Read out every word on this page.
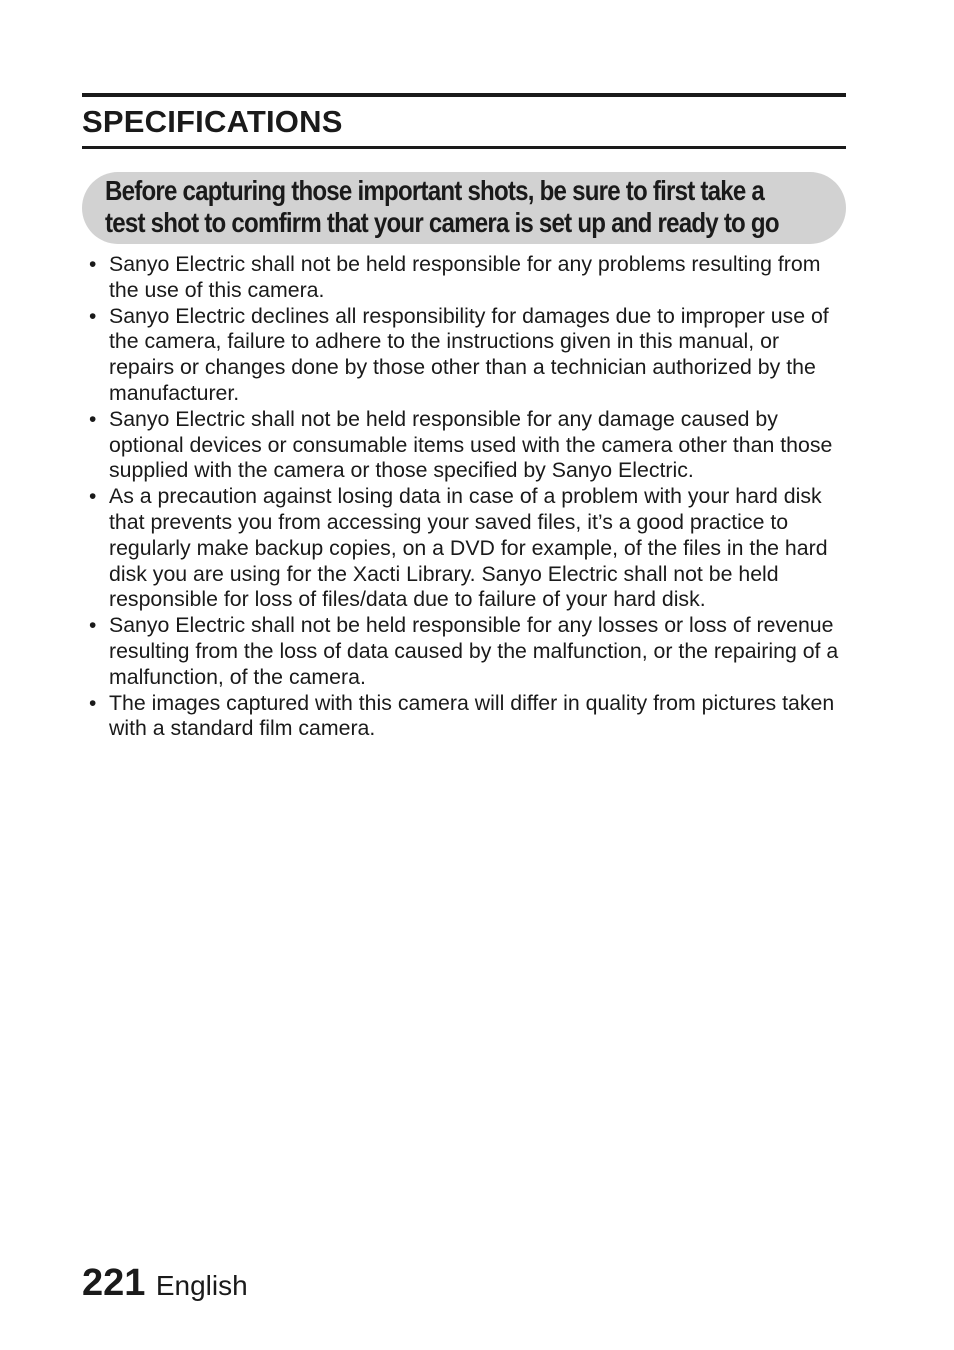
SPECIFICATIONS

Before capturing those important shots, be sure to first take a
test shot to comfirm that your camera is set up and ready to go

• Sanyo Electric shall not be held responsible for any problems resulting from the use of this camera.
• Sanyo Electric declines all responsibility for damages due to improper use of the camera, failure to adhere to the instructions given in this manual, or repairs or changes done by those other than a technician authorized by the manufacturer.
• Sanyo Electric shall not be held responsible for any damage caused by optional devices or consumable items used with the camera other than those supplied with the camera or those specified by Sanyo Electric.
• As a precaution against losing data in case of a problem with your hard disk that prevents you from accessing your saved files, it’s a good practice to regularly make backup copies, on a DVD for example, of the files in the hard disk you are using for the Xacti Library. Sanyo Electric shall not be held responsible for loss of files/data due to failure of your hard disk.
• Sanyo Electric shall not be held responsible for any losses or loss of revenue resulting from the loss of data caused by the malfunction, or the repairing of a malfunction, of the camera.
• The images captured with this camera will differ in quality from pictures taken with a standard film camera.
221 English
